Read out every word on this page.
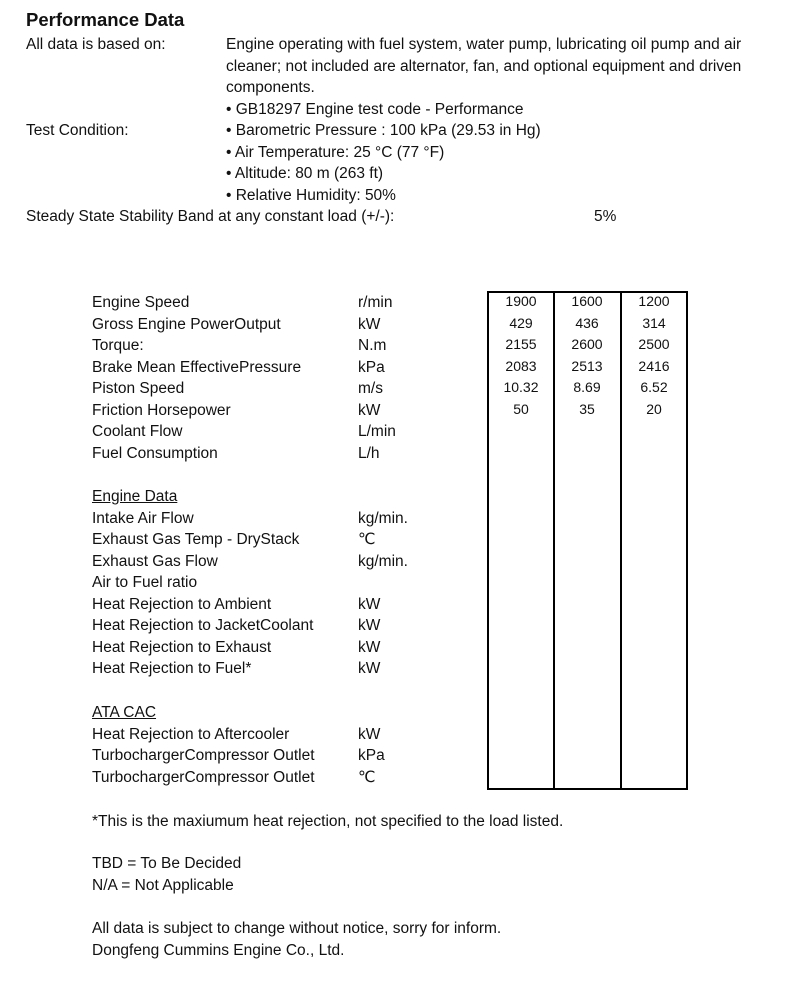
Performance Data
All data is based on:	Engine operating with fuel system, water pump, lubricating oil pump and air
cleaner; not included are alternator, fan, and optional equipment and driven
components.
• GB18297 Engine test code - Performance
Test Condition:	• Barometric Pressure : 100 kPa (29.53 in Hg)
• Air Temperature: 25 °C (77 °F)
• Altitude: 80 m (263 ft)
• Relative Humidity: 50%
Steady State Stability Band at any constant load (+/-):	5%
Engine Speed	r/min	1900	1600	1200
Gross Engine PowerOutput	kW	429	436	314
Torque:	N.m	2155	2600	2500
Brake Mean EffectivePressure	kPa	2083	2513	2416
Piston Speed	m/s	10.32	8.69	6.52
Friction Horsepower	kW	50	35	20
Coolant Flow	L/min
Fuel Consumption	L/h
Engine Data
Intake Air Flow	kg/min.
Exhaust Gas Temp - DryStack	℃
Exhaust Gas Flow	kg/min.
Air to Fuel ratio
Heat Rejection to Ambient	kW
Heat Rejection to JacketCoolant	kW
Heat Rejection to Exhaust	kW
Heat Rejection to Fuel*	kW
ATA CAC
Heat Rejection to Aftercooler	kW
TurbochargerCompressor Outlet	kPa
TurbochargerCompressor Outlet	℃
*This is the maxiumum heat rejection, not specified to the load listed.
TBD = To Be Decided
N/A = Not Applicable
All data is subject to change without notice, sorry for inform.
Dongfeng Cummins Engine Co., Ltd.
